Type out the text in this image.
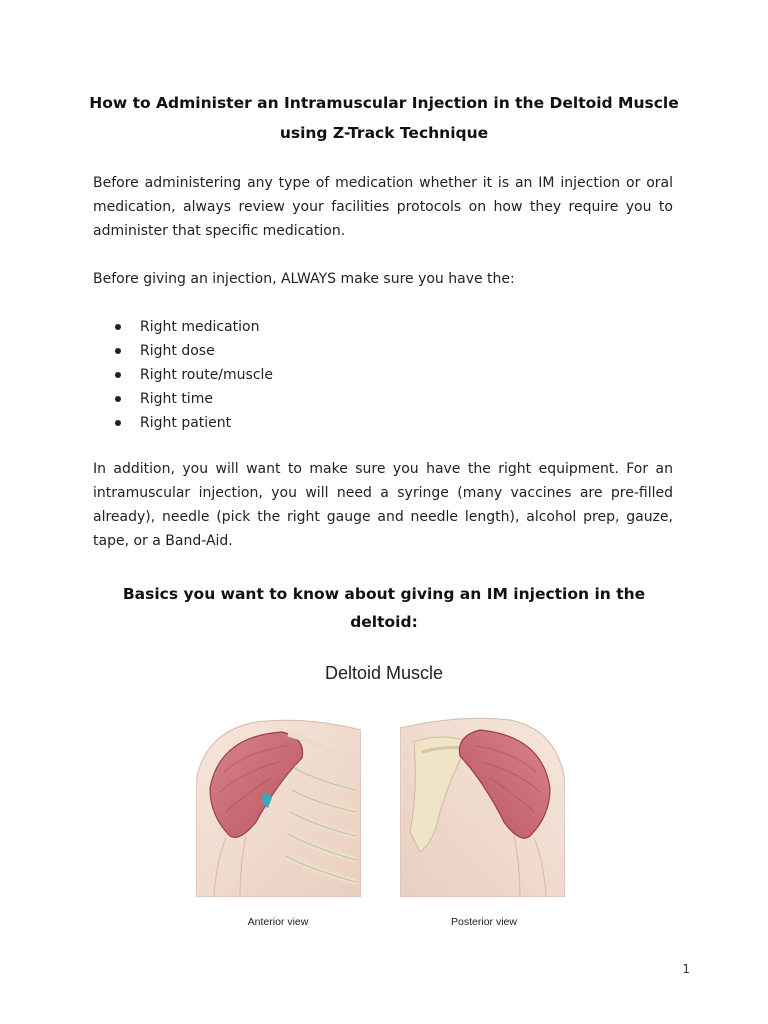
How to Administer an Intramuscular Injection in the Deltoid Muscle
using Z-Track Technique
Before administering any type of medication whether it is an IM injection or oral medication, always review your facilities protocols on how they require you to administer that specific medication.
Before giving an injection, ALWAYS make sure you have the:
Right medication
Right dose
Right route/muscle
Right time
Right patient
In addition, you will want to make sure you have the right equipment. For an intramuscular injection, you will need a syringe (many vaccines are pre-filled already), needle (pick the right gauge and needle length), alcohol prep, gauze, tape, or a Band-Aid.
Basics you want to know about giving an IM injection in the
deltoid:
Deltoid Muscle
Anterior view	Posterior view
1
